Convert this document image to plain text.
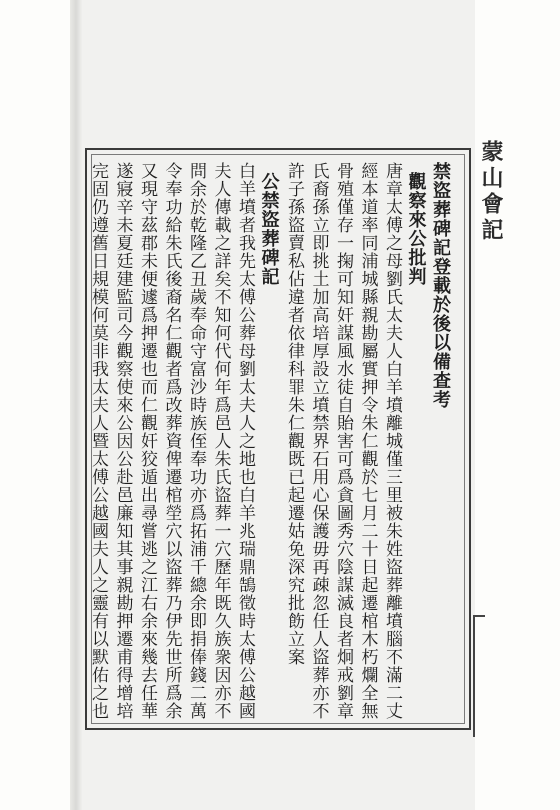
蒙山會記
禁盜葬碑記登載於後以備查考
觀察來公批判
唐章太傅之母劉氏太夫人白羊墳離城僅三里被朱姓盜葬離墳腦不滿二丈
經本道率同浦城縣親勘屬實押令朱仁觀於七月二十日起遷棺木朽爛全無
骨殖僅存一掬可知奸謀風水徒自貽害可爲貪圖秀穴陰謀滅良者炯戒劉章
氏裔孫立即挑土加高培厚設立墳禁界石用心保護毋再疎忽任人盜葬亦不
許子孫盜賣私佔違者依律科罪朱仁觀既已起遷姑免深究批飭立案
公禁盜葬碑記
白羊墳者我先太傅公葬母劉太夫人之地也白羊兆瑞鼎鵠徵時太傅公越國
夫人傳載之詳矣不知何代何年爲邑人朱氏盜葬一穴歷年既久族衆因亦不
問余於乾隆乙丑歲奉命守富沙時族侄奉功亦爲拓浦千總余即捐俸錢二萬
令奉功給朱氏後裔名仁觀者爲改葬資俾遷棺塋穴以盜葬乃伊先世所爲余
又現守茲郡未便遽爲押遷也而仁觀奸狡遁出尋嘗逃之江右余來幾去任華
遂寢辛未夏廷建監司今觀察使來公因公赴邑廉知其事親勘押遷甫得增培
完固仍遵舊日規模何莫非我太夫人暨太傅公越國夫人之靈有以默佑之也
